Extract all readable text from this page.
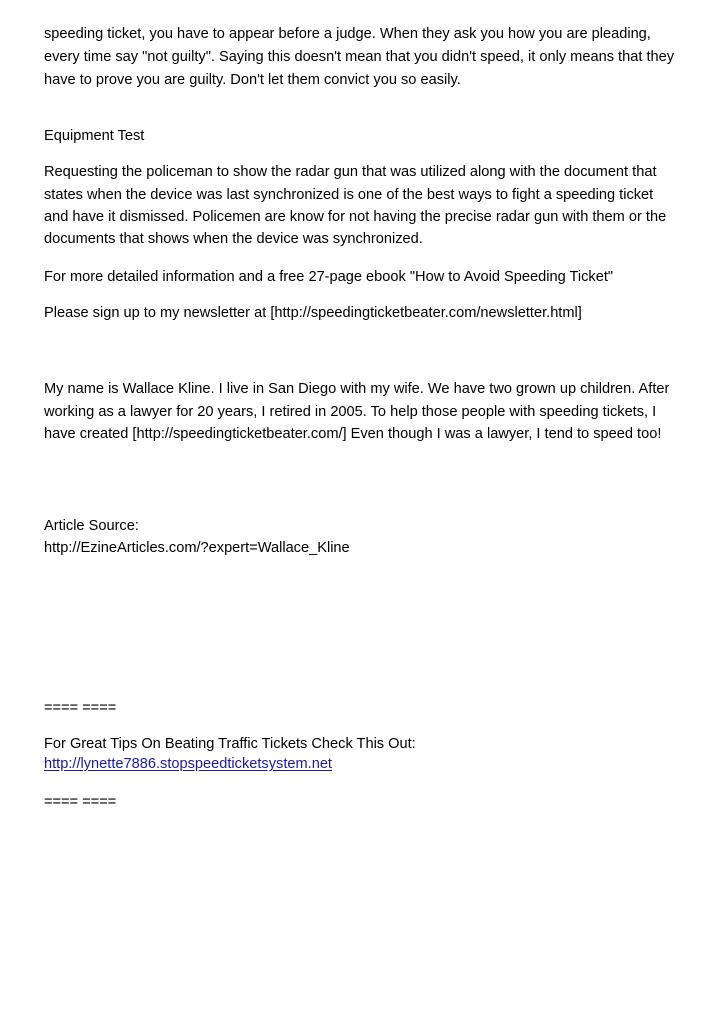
speeding ticket, you have to appear before a judge. When they ask you how you are pleading,
every time say "not guilty". Saying this doesn't mean that you didn't speed, it only means that they
have to prove you are guilty. Don't let them convict you so easily.
Equipment Test
Requesting the policeman to show the radar gun that was utilized along with the document that
states when the device was last synchronized is one of the best ways to fight a speeding ticket
and have it dismissed. Policemen are know for not having the precise radar gun with them or the
documents that shows when the device was synchronized.
For more detailed information and a free 27-page ebook "How to Avoid Speeding Ticket"
Please sign up to my newsletter at [http://speedingticketbeater.com/newsletter.html]
My name is Wallace Kline. I live in San Diego with my wife. We have two grown up children. After
working as a lawyer for 20 years, I retired in 2005. To help those people with speeding tickets, I
have created [http://speedingticketbeater.com/] Even though I was a lawyer, I tend to speed too!
Article Source:
http://EzineArticles.com/?expert=Wallace_Kline
==== ====
For Great Tips On Beating Traffic Tickets Check This Out:
http://lynette7886.stopspeedticketsystem.net
==== ====
